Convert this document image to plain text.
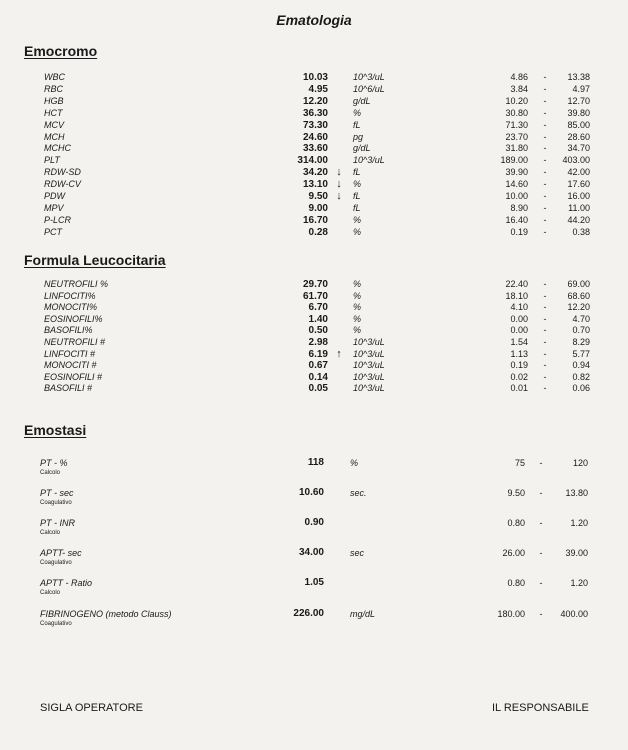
Ematologia
Emocromo
WBC	10.03	10^3/uL	4.86	-	13.38
RBC	4.95	10^6/uL	3.84	-	4.97
HGB	12.20	g/dL	10.20	-	12.70
HCT	36.30	%	30.80	-	39.80
MCV	73.30	fL	71.30	-	85.00
MCH	24.60	pg	23.70	-	28.60
MCHC	33.60	g/dL	31.80	-	34.70
PLT	314.00	10^3/uL	189.00	-	403.00
RDW-SD	34.20 ↓	fL	39.90	-	42.00
RDW-CV	13.10 ↓	%	14.60	-	17.60
PDW	9.50 ↓	fL	10.00	-	16.00
MPV	9.00	fL	8.90	-	11.00
P-LCR	16.70	%	16.40	-	44.20
PCT	0.28	%	0.19	-	0.38
Formula Leucocitaria
NEUTROFILI %	29.70	%	22.40	-	69.00
LINFOCITI%	61.70	%	18.10	-	68.60
MONOCITI%	6.70	%	4.10	-	12.20
EOSINOFILI%	1.40	%	0.00	-	4.70
BASOFILI%	0.50	%	0.00	-	0.70
NEUTROFILI #	2.98	10^3/uL	1.54	-	8.29
LINFOCITI #	6.19 ↑	10^3/uL	1.13	-	5.77
MONOCITI #	0.67	10^3/uL	0.19	-	0.94
EOSINOFILI #	0.14	10^3/uL	0.02	-	0.82
BASOFILI #	0.05	10^3/uL	0.01	-	0.06
Emostasi
PT - %
Calcolo
118	%	75	-	120
PT - sec
Coagulativo
10.60	sec.	9.50	-	13.80
PT - INR
Calcolo
0.90	0.80	-	1.20
APTT- sec
Coagulativo
34.00	sec	26.00	-	39.00
APTT - Ratio
Calcolo
1.05	0.80	-	1.20
FIBRINOGENO (metodo Clauss)
Coagulativo
226.00	mg/dL	180.00	-	400.00
SIGLA OPERATORE	IL RESPONSABILE
